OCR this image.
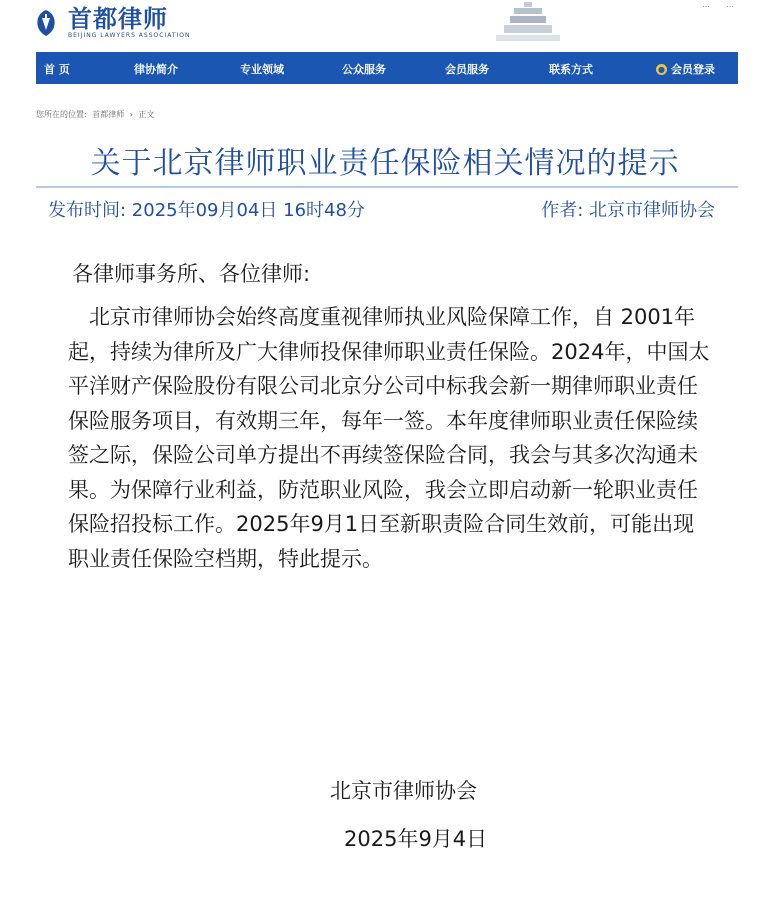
首都律师
BEIJING LAWYERS ASSOCIATION
... ...
首 页	律协简介	专业领域	公众服务	会员服务	联系方式	● 会员登录
您所在的位置: 首都律师 › 正文
关于北京律师职业责任保险相关情况的提示
发布时间: 2025年09月04日 16时48分	作者: 北京市律师协会
各律师事务所、各位律师:
北京市律师协会始终高度重视律师执业风险保障工作，自 2001年起，持续为律所及广大律师投保律师职业责任保险。2024年，中国太平洋财产保险股份有限公司北京分公司中标我会新一期律师职业责任保险服务项目，有效期三年，每年一签。本年度律师职业责任保险续签之际，保险公司单方提出不再续签保险合同，我会与其多次沟通未果。为保障行业利益，防范职业风险，我会立即启动新一轮职业责任保险招投标工作。2025年9月1日至新职责险合同生效前，可能出现职业责任保险空档期，特此提示。
北京市律师协会
2025年9月4日
